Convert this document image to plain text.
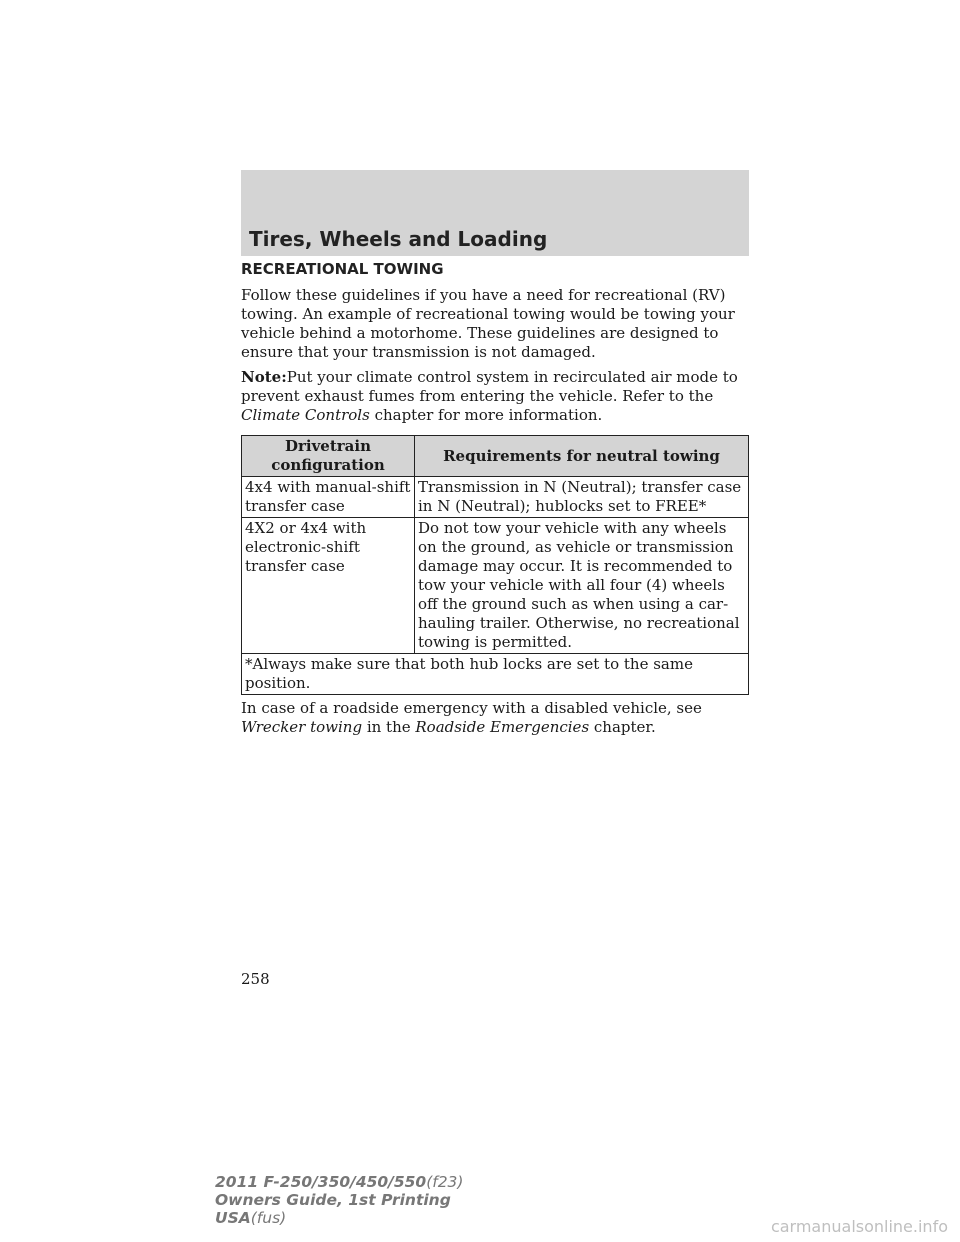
Tires, Wheels and Loading
RECREATIONAL TOWING

Follow these guidelines if you have a need for recreational (RV) towing. An example of recreational towing would be towing your vehicle behind a motorhome. These guidelines are designed to ensure that your transmission is not damaged.

Note:Put your climate control system in recirculated air mode to prevent exhaust fumes from entering the vehicle. Refer to the Climate Controls chapter for more information.

Drivetrain configuration	Requirements for neutral towing
4x4 with manual-shift transfer case	Transmission in N (Neutral); transfer case in N (Neutral); hublocks set to FREE*
4X2 or 4x4 with electronic-shift transfer case	Do not tow your vehicle with any wheels on the ground, as vehicle or transmission damage may occur. It is recommended to tow your vehicle with all four (4) wheels off the ground such as when using a car-hauling trailer. Otherwise, no recreational towing is permitted.
*Always make sure that both hub locks are set to the same position.	

In case of a roadside emergency with a disabled vehicle, see Wrecker towing in the Roadside Emergencies chapter.

258
2011 F-250/350/450/550(f23)
Owners Guide, 1st Printing
USA(fus)	carmanualsonline.info
